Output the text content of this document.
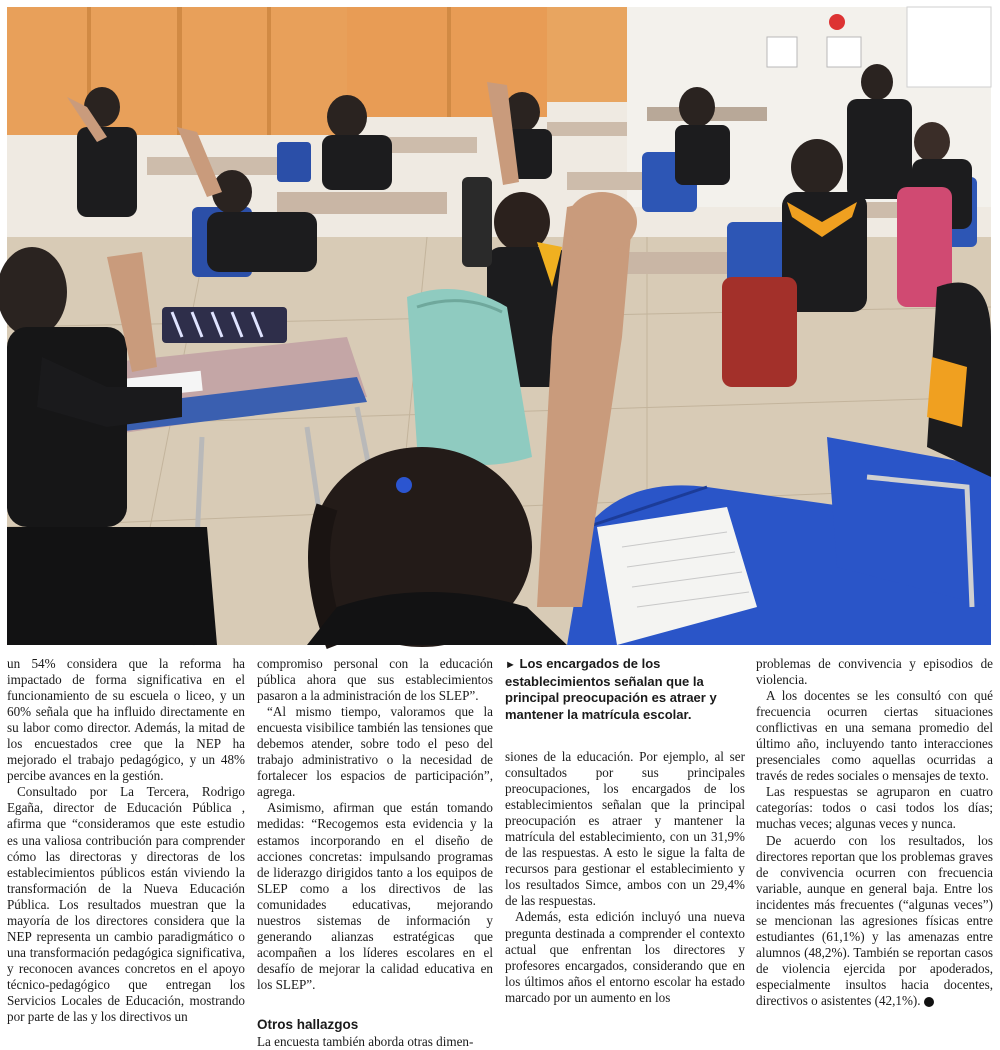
un 54% considera que la reforma ha impactado de forma significativa en el funcionamiento de su escuela o liceo, y un 60% señala que ha influido directamente en su labor como director. Además, la mitad de los encuestados cree que la NEP ha mejorado el trabajo pedagógico, y un 48% percibe avances en la gestión.

Consultado por La Tercera, Rodrigo Egaña, director de Educación Pública , afirma que “consideramos que este estudio es una valiosa contribución para comprender cómo las directoras y directoras de los establecimientos públicos están viviendo la transformación de la Nueva Educación Pública. Los resultados muestran que la mayoría de los directores considera que la NEP representa un cambio paradigmático o una transformación pedagógica significativa, y reconocen avances concretos en el apoyo técnico-pedagógico que entregan los Servicios Locales de Educación, mostrando por parte de las y los directivos un

compromiso personal con la educación pública ahora que sus establecimientos pasaron a la administración de los SLEP”.

“Al mismo tiempo, valoramos que la encuesta visibilice también las tensiones que debemos atender, sobre todo el peso del trabajo administrativo o la necesidad de fortalecer los espacios de participación”, agrega.

Asimismo, afirman que están tomando medidas: “Recogemos esta evidencia y la estamos incorporando en el diseño de acciones concretas: impulsando programas de liderazgo dirigidos tanto a los equipos de SLEP como a los directivos de las comunidades educativas, mejorando nuestros sistemas de información y generando alianzas estratégicas que acompañen a los líderes escolares en el desafío de mejorar la calidad educativa en los SLEP”.

Otros hallazgos

La encuesta también aborda otras dimen-

► Los encargados de los establecimientos señalan que la principal preocupación es atraer y mantener la matrícula escolar.

siones de la educación. Por ejemplo, al ser consultados por sus principales preocupaciones, los encargados de los establecimientos señalan que la principal preocupación es atraer y mantener la matrícula del establecimiento, con un 31,9% de las respuestas. A esto le sigue la falta de recursos para gestionar el establecimiento y los resultados Simce, ambos con un 29,4% de las respuestas.

Además, esta edición incluyó una nueva pregunta destinada a comprender el contexto actual que enfrentan los directores y profesores encargados, considerando que en los últimos años el entorno escolar ha estado marcado por un aumento en los

problemas de convivencia y episodios de violencia.

A los docentes se les consultó con qué frecuencia ocurren ciertas situaciones conflictivas en una semana promedio del último año, incluyendo tanto interacciones presenciales como aquellas ocurridas a través de redes sociales o mensajes de texto.

Las respuestas se agruparon en cuatro categorías: todos o casi todos los días; muchas veces; algunas veces y nunca.

De acuerdo con los resultados, los directores reportan que los problemas graves de convivencia ocurren con frecuencia variable, aunque en general baja. Entre los incidentes más frecuentes (“algunas veces”) se mencionan las agresiones físicas entre estudiantes (61,1%) y las amenazas entre alumnos (48,2%). También se reportan casos de violencia ejercida por apoderados, especialmente insultos hacia docentes, directivos o asistentes (42,1%).
